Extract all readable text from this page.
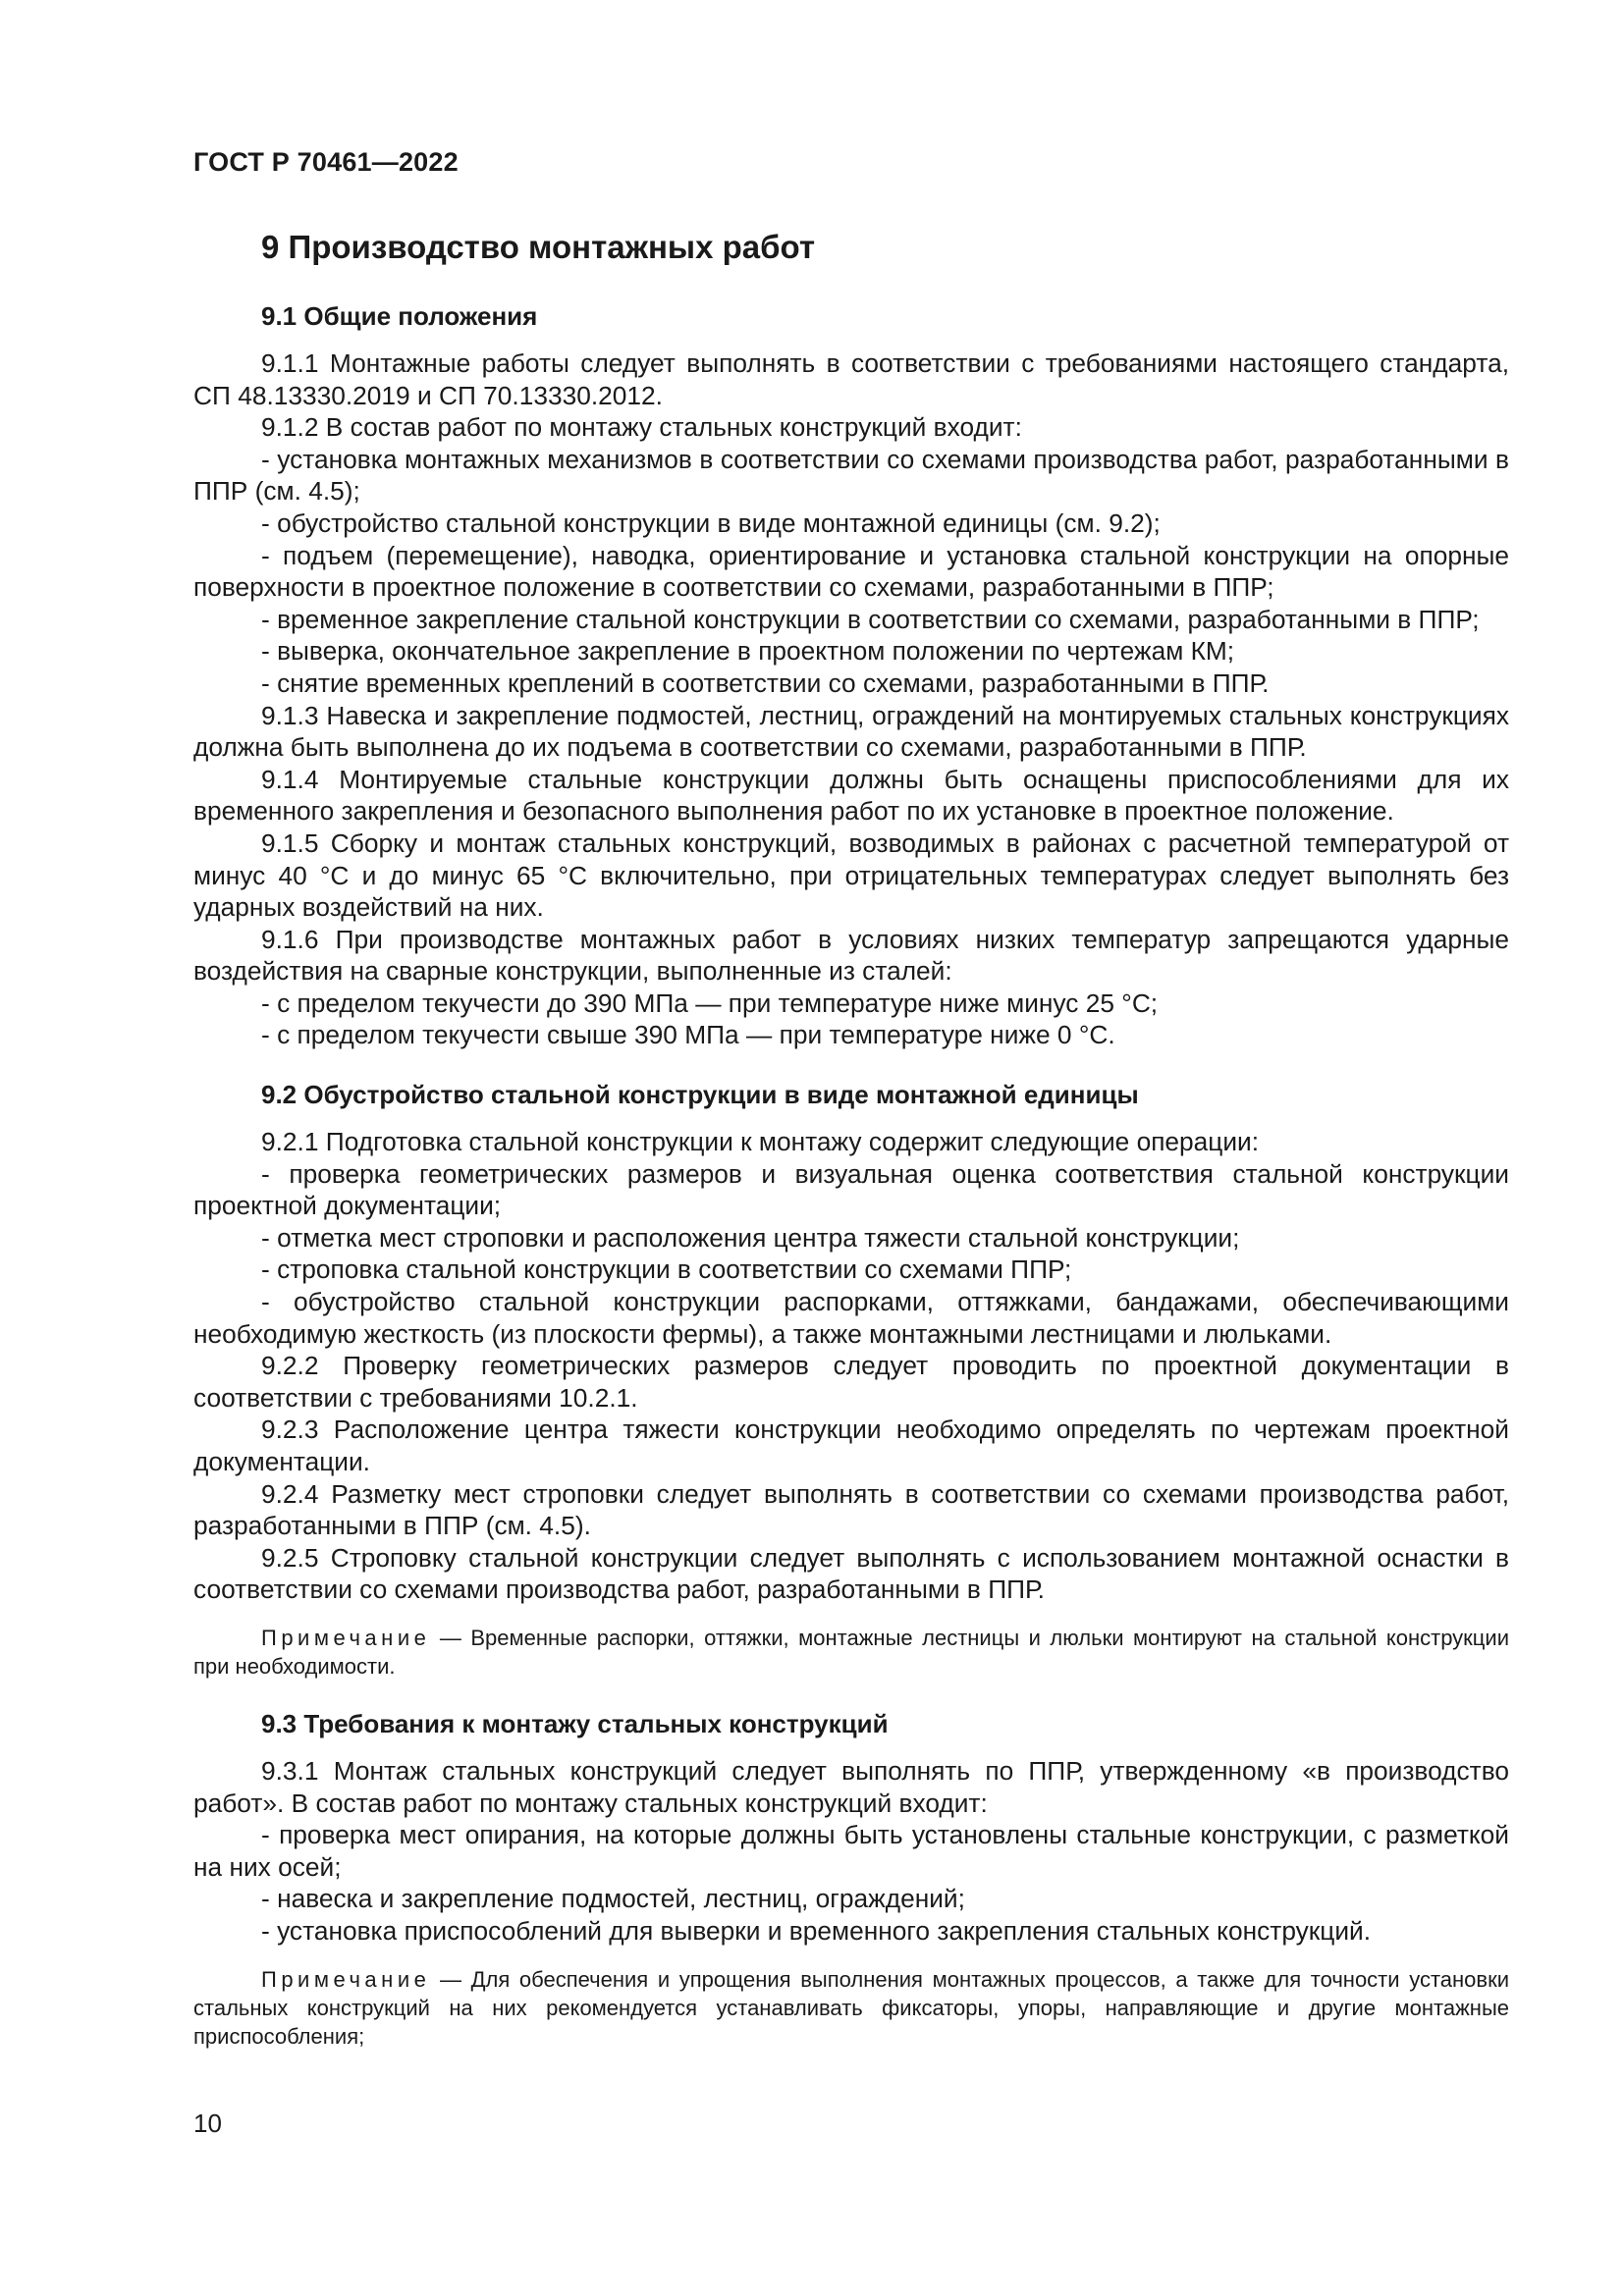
ГОСТ Р 70461—2022
9 Производство монтажных работ
9.1 Общие положения

9.1.1 Монтажные работы следует выполнять в соответствии с требованиями настоящего стандарта, СП 48.13330.2019 и СП 70.13330.2012.

9.1.2 В состав работ по монтажу стальных конструкций входит:

- установка монтажных механизмов в соответствии со схемами производства работ, разработанными в ППР (см. 4.5);

- обустройство стальной конструкции в виде монтажной единицы (см. 9.2);

- подъем (перемещение), наводка, ориентирование и установка стальной конструкции на опорные поверхности в проектное положение в соответствии со схемами, разработанными в ППР;

- временное закрепление стальной конструкции в соответствии со схемами, разработанными в ППР;

- выверка, окончательное закрепление в проектном положении по чертежам КМ;

- снятие временных креплений в соответствии со схемами, разработанными в ППР.

9.1.3 Навеска и закрепление подмостей, лестниц, ограждений на монтируемых стальных конструкциях должна быть выполнена до их подъема в соответствии со схемами, разработанными в ППР.

9.1.4 Монтируемые стальные конструкции должны быть оснащены приспособлениями для их временного закрепления и безопасного выполнения работ по их установке в проектное положение.

9.1.5 Сборку и монтаж стальных конструкций, возводимых в районах с расчетной температурой от минус 40 °С и до минус 65 °С включительно, при отрицательных температурах следует выполнять без ударных воздействий на них.

9.1.6 При производстве монтажных работ в условиях низких температур запрещаются ударные воздействия на сварные конструкции, выполненные из сталей:

- с пределом текучести до 390 МПа — при температуре ниже минус 25 °С;

- с пределом текучести свыше 390 МПа — при температуре ниже 0 °С.

9.2 Обустройство стальной конструкции в виде монтажной единицы

9.2.1 Подготовка стальной конструкции к монтажу содержит следующие операции:

- проверка геометрических размеров и визуальная оценка соответствия стальной конструкции проектной документации;

- отметка мест строповки и расположения центра тяжести стальной конструкции;

- строповка стальной конструкции в соответствии со схемами ППР;

- обустройство стальной конструкции распорками, оттяжками, бандажами, обеспечивающими необходимую жесткость (из плоскости фермы), а также монтажными лестницами и люльками.

9.2.2 Проверку геометрических размеров следует проводить по проектной документации в соответствии с требованиями 10.2.1.

9.2.3 Расположение центра тяжести конструкции необходимо определять по чертежам проектной документации.

9.2.4 Разметку мест строповки следует выполнять в соответствии со схемами производства работ, разработанными в ППР (см. 4.5).

9.2.5 Строповку стальной конструкции следует выполнять с использованием монтажной оснастки в соответствии со схемами производства работ, разработанными в ППР.

Примечание — Временные распорки, оттяжки, монтажные лестницы и люльки монтируют на стальной конструкции при необходимости.

9.3 Требования к монтажу стальных конструкций

9.3.1 Монтаж стальных конструкций следует выполнять по ППР, утвержденному «в производство работ». В состав работ по монтажу стальных конструкций входит:

- проверка мест опирания, на которые должны быть установлены стальные конструкции, с разметкой на них осей;

- навеска и закрепление подмостей, лестниц, ограждений;

- установка приспособлений для выверки и временного закрепления стальных конструкций.

Примечание — Для обеспечения и упрощения выполнения монтажных процессов, а также для точности установки стальных конструкций на них рекомендуется устанавливать фиксаторы, упоры, направляющие и другие монтажные приспособления;

10
